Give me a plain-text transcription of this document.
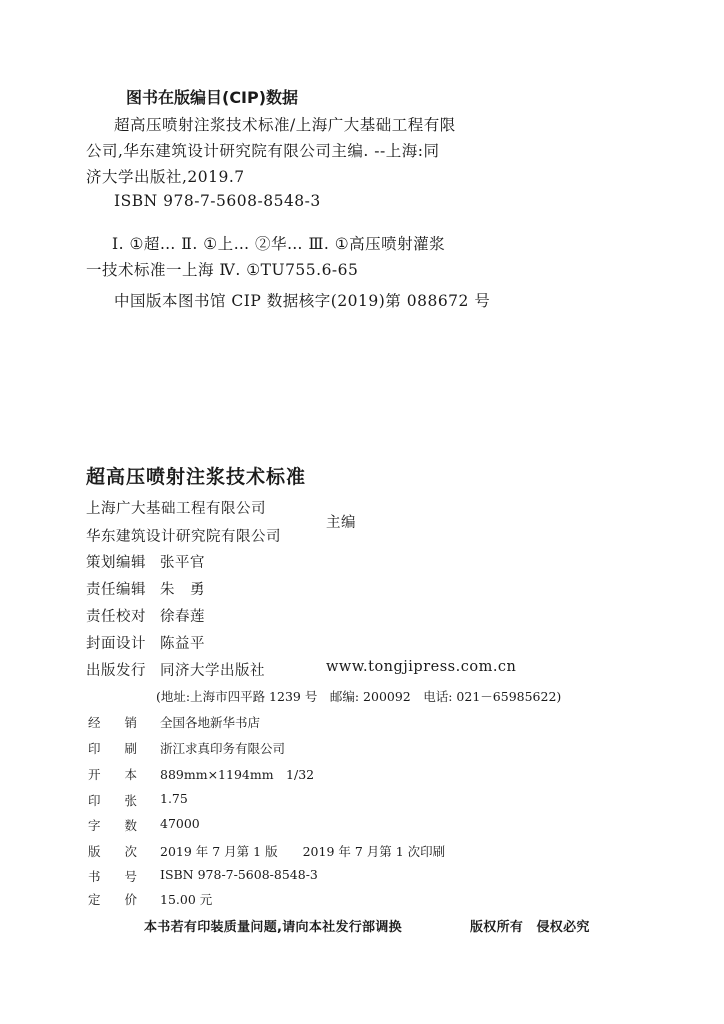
图书在版编目(CIP)数据
超高压喷射注浆技术标准/上海广大基础工程有限
公司,华东建筑设计研究院有限公司主编. --上海:同
济大学出版社,2019.7
ISBN 978-7-5608-8548-3
Ⅰ. ①超… Ⅱ. ①上… ②华… Ⅲ. ①高压喷射灌浆
一技术标准一上海 Ⅳ. ①TU755.6-65
中国版本图书馆 CIP 数据核字(2019)第 088672 号
超高压喷射注浆技术标准
上海广大基础工程有限公司
华东建筑设计研究院有限公司
主编
策划编辑 张平官
责任编辑 朱　勇
责任校对 徐春莲
封面设计 陈益平
出版发行 同济大学出版社	www.tongjipress.com.cn
(地址:上海市四平路 1239 号　邮编: 200092　电话: 021－65985622)
经销
全国各地新华书店
印刷
浙江求真印务有限公司
开本
889mm×1194mm　1/32
印张
1.75
字数
47000
版次
2019 年 7 月第 1 版　　2019 年 7 月第 1 次印刷
书号
ISBN 978-7-5608-8548-3
定价
15.00 元
本书若有印装质量问题,请向本社发行部调换	版权所有　侵权必究
